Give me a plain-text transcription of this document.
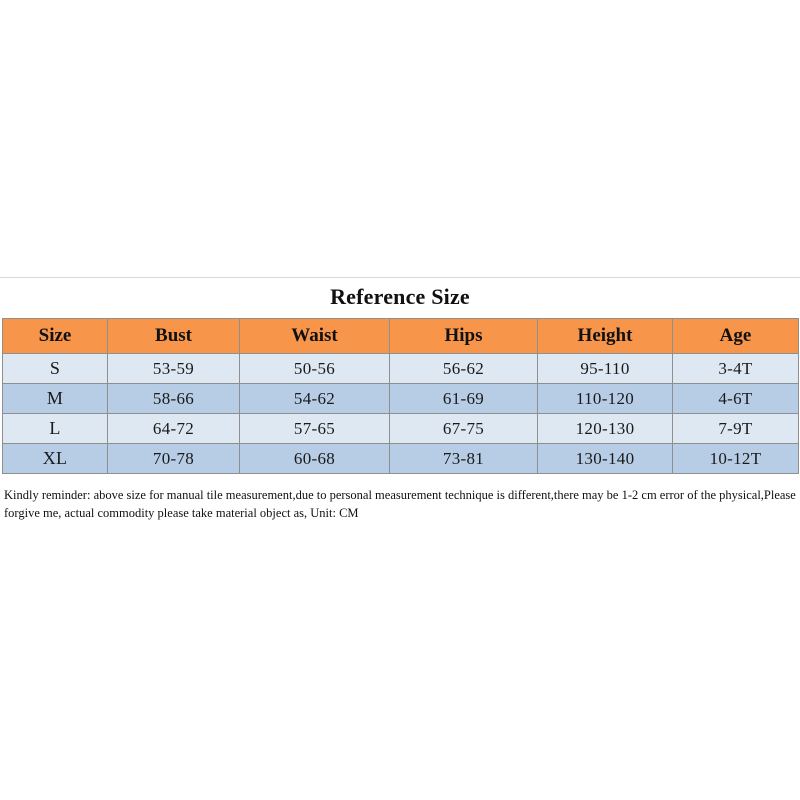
Reference Size
Size	Bust	Waist	Hips	Height	Age
S	53-59	50-56	56-62	95-110	3-4T
M	58-66	54-62	61-69	110-120	4-6T
L	64-72	57-65	67-75	120-130	7-9T
XL	70-78	60-68	73-81	130-140	10-12T
Kindly reminder: above size for manual tile measurement,due to personal measurement technique is different,there may be 1-2 cm error of the physical,Please forgive me, actual commodity please take material object as, Unit: CM
